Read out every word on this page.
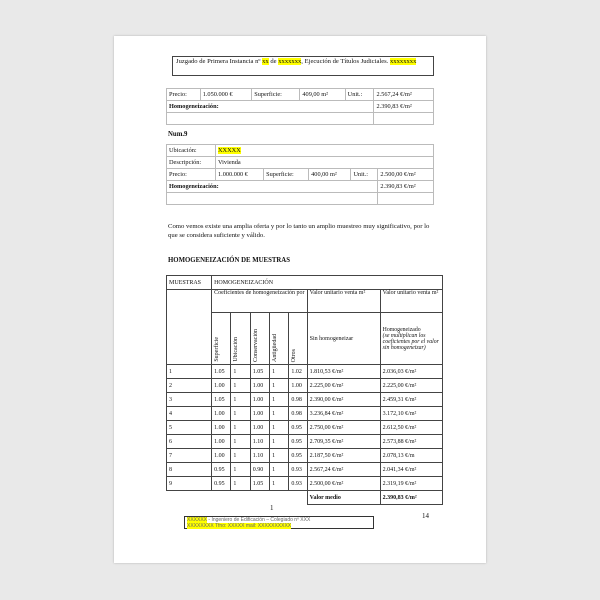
Juzgado de Primera Instancia nº xx de xxxxxxx, Ejecución de Títulos Judiciales. xxxxxxxx
Precio:	1.050.000 €	Superficie:	409,00 m²	Unit.:	2.567,24 €/m²
Homogeneización:					2.390,83 €/m²

Num.9
Ubicación:	XXXXX				
Descripción:	Vivienda				
Precio:	1.000.000 €	Superficie:	400,00 m²	Unit.:	2.500,00 €/m²
Homogeneización:					2.390,83 €/m²

Como vemos existe una amplia oferta y por lo tanto un amplio muestreo muy significativo, por lo que se considera suficiente y válido.
HOMOGENEIZACIÓN DE MUESTRAS
MUESTRAS	HOMOGENEIZACIÓN						
	Coeficientes de homogeneización por					Valor unitario venta m²	Valor unitario venta m²
	Superficie	Ubicación	Conservación	Antigüedad	Otros	Sin homogeneizar	Homogeneizado
(se multiplican los coeficientes por el valor sin homogeneizar)
1	1.05	1	1.05	1	1.02	1.810,53 €/m²	2.036,03 €/m²
2	1.00	1	1.00	1	1.00	2.225,00 €/m²	2.225,00 €/m²
3	1.05	1	1.00	1	0.98	2.390,00 €/m²	2.459,31 €/m²
4	1.00	1	1.00	1	0.98	3.236,84 €/m²	3.172,10 €/m²
5	1.00	1	1.00	1	0.95	2.750,00 €/m²	2.612,50 €/m²
6	1.00	1	1.10	1	0.95	2.709,35 €/m²	2.573,88 €/m²
7	1.00	1	1.10	1	0.95	2.187,50 €/m²	2.078,13 €/m
8	0.95	1	0.90	1	0.93	2.567,24 €/m²	2.041,34 €/m²
9	0.95	1	1.05	1	0.93	2.500,00 €/m²	2.319,19 €/m²
						Valor medio	2.390,83 €/m²
1
14
XXXXXX - Ingeniero de Edificación – Colegiado nº XXX
XXXXXXXX Tfno: XXXXX mail: XXXXXXXXXX
